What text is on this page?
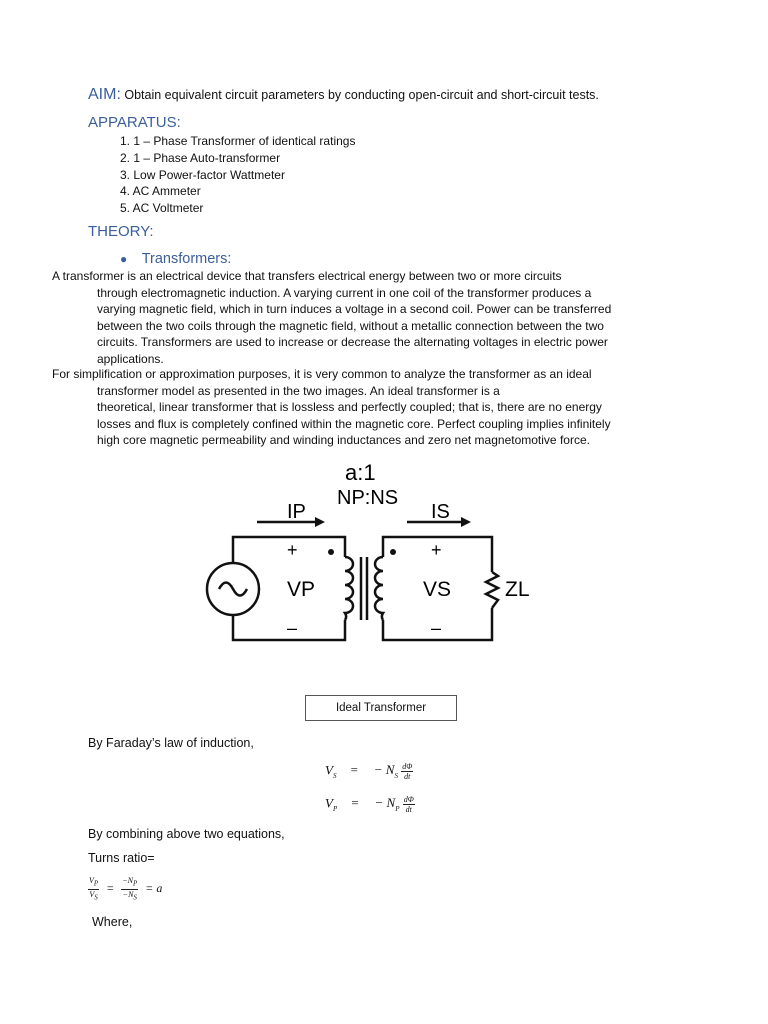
AIM: Obtain equivalent circuit parameters by conducting open-circuit and short-circuit tests.
APPARATUS:
1. 1 – Phase Transformer of identical ratings
2. 1 – Phase Auto-transformer
3. Low Power-factor Wattmeter
4. AC Ammeter
5. AC Voltmeter
THEORY:
● Transformers:
A transformer is an electrical device that transfers electrical energy between two or more circuits
through electromagnetic induction. A varying current in one coil of the transformer produces a
varying magnetic field, which in turn induces a voltage in a second coil. Power can be transferred
between the two coils through the magnetic field, without a metallic connection between the two
circuits. Transformers are used to increase or decrease the alternating voltages in electric power
applications.
For simplification or approximation purposes, it is very common to analyze the transformer as an ideal
transformer model as presented in the two images. An ideal transformer is a
theoretical, linear transformer that is lossless and perfectly coupled; that is, there are no energy
losses and flux is completely confined within the magnetic core. Perfect coupling implies infinitely
high core magnetic permeability and winding inductances and zero net magnetomotive force.
a:1
NP:NS
IP	IS
+
–
VP
+
–
VS	ZL
Ideal Transformer
By Faraday’s law of induction,
$V_S$ = − $N_S \frac{d\Phi}{dt}$
$V_P$ = − $N_P \frac{d\Phi}{dt}$
By combining above two equations,
Turns ratio=
$\frac{V_P}{V_S} = \frac{-N_P}{-N_S} = a$
Where,
